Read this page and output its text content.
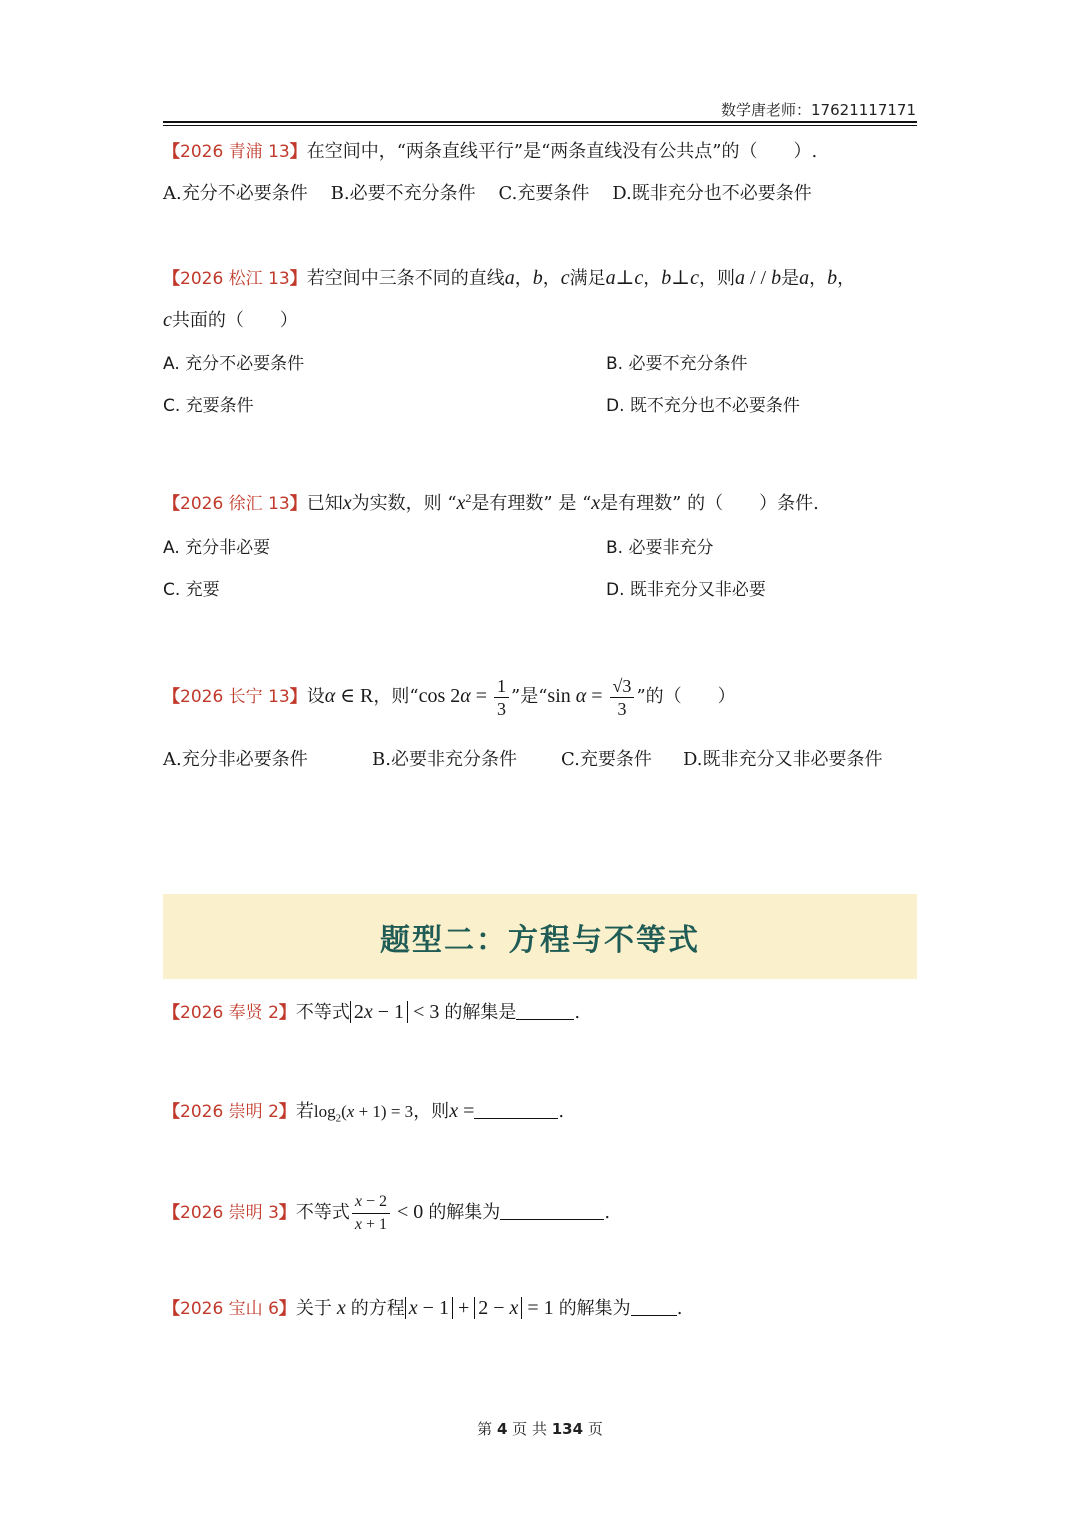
数学唐老师：17621117171
【2026 青浦 13】在空间中，“两条直线平行”是“两条直线没有公共点”的（　　）.
A.充分不必要条件 B.必要不充分条件 C.充要条件 D.既非充分也不必要条件
【2026 松江 13】若空间中三条不同的直线a，b，c满足a⊥c，b⊥c，则a / / b是a，b，
c共面的（　　）
A. 充分不必要条件	B. 必要不充分条件
C. 充要条件	D. 既不充分也不必要条件
【2026 徐汇 13】已知x为实数，则 “$x^2$是有理数” 是 “x是有理数” 的（　　）条件.
A. 充分非必要	B. 必要非充分
C. 充要	D. 既非充分又非必要
【2026 长宁 13】设α ∈ R，则“cos $2\alpha = \frac{1}{3}$ ”是“sin $\alpha = \frac{√3}{3}$ ”的（　　）
A.充分非必要条件	B.必要非充分条件 C.充要条件 D.既非充分又非必要条件
题型二：方程与不等式
【2026 奉贤 2】不等式 2x − 1 < 3 的解集是	.
【2026 崇明 2】若$\log_2(x + 1) = 3$，则x =	.
【2026 崇明 3】不等式 $\frac{x - 2}{x + 1} < 0$ 的解集为	.
【2026 宝山 6】关于 x 的方程 x − 1 + 2 − x = 1 的解集为	.
第 4 页 共 134 页
